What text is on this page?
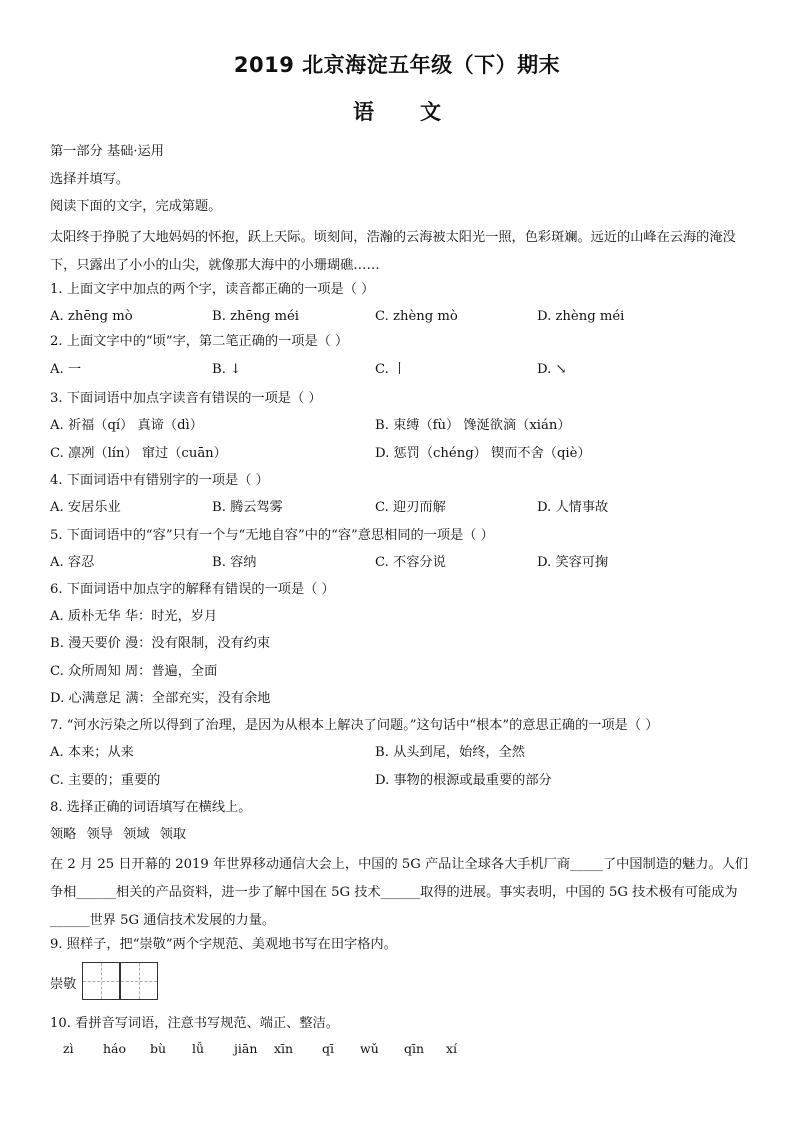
2019 北京海淀五年级（下）期末
语文
第一部分 基础·运用
选择并填写。
阅读下面的文字，完成第题。
太阳终于挣脱了大地妈妈的怀抱，跃上天际。顷刻间，浩瀚的云海被太阳光一照，色彩斑斓。远近的山峰在云海的淹没下，只露出了小小的山尖，就像那大海中的小珊瑚礁……
1. 上面文字中加点的两个字，读音都正确的一项是（ ）
A. zhēng mò	B. zhēng méi	C. zhèng mò	D. zhèng méi
2. 上面文字中的“顷”字，第二笔正确的一项是（ ）
A. 一	B. ↓	C. 丨	D. ↘
3. 下面词语中加点字读音有错误的一项是（ ）
A. 祈福（qí） 真谛（dì）	B. 束缚（fù） 馋涎欲滴（xián）
C. 凛冽（lín） 窜过（cuān）	D. 惩罚（chéng） 锲而不舍（qiè）
4. 下面词语中有错别字的一项是（ ）
A. 安居乐业	B. 腾云驾雾	C. 迎刃而解	D. 人情事故
5. 下面词语中的“容”只有一个与“无地自容”中的“容”意思相同的一项是（ ）
A. 容忍	B. 容纳	C. 不容分说	D. 笑容可掬
6. 下面词语中加点字的解释有错误的一项是（ ）
A. 质朴无华 华：时光，岁月
B. 漫天要价 漫：没有限制，没有约束
C. 众所周知 周：普遍，全面
D. 心满意足 满：全部充实，没有余地
7. “河水污染之所以得到了治理，是因为从根本上解决了问题。”这句话中“根本”的意思正确的一项是（ ）
A. 本来；从来	B. 从头到尾，始终，全然
C. 主要的；重要的	D. 事物的根源或最重要的部分
8. 选择正确的词语填写在横线上。
领略 领导 领域 领取
在 2 月 25 日开幕的 2019 年世界移动通信大会上，中国的 5G 产品让全球各大手机厂商_____了中国制造的魅力。人们争相______相关的产品资料，进一步了解中国在 5G 技术______取得的进展。事实表明，中国的 5G 技术极有可能成为______世界 5G 通信技术发展的力量。
9. 照样子，把“崇敬”两个字规范、美观地书写在田字格内。
崇敬
10. 看拼音写词语，注意书写规范、端正、整洁。
zì háo bù lǚ jiān xīn qī wǔ qīn xí
